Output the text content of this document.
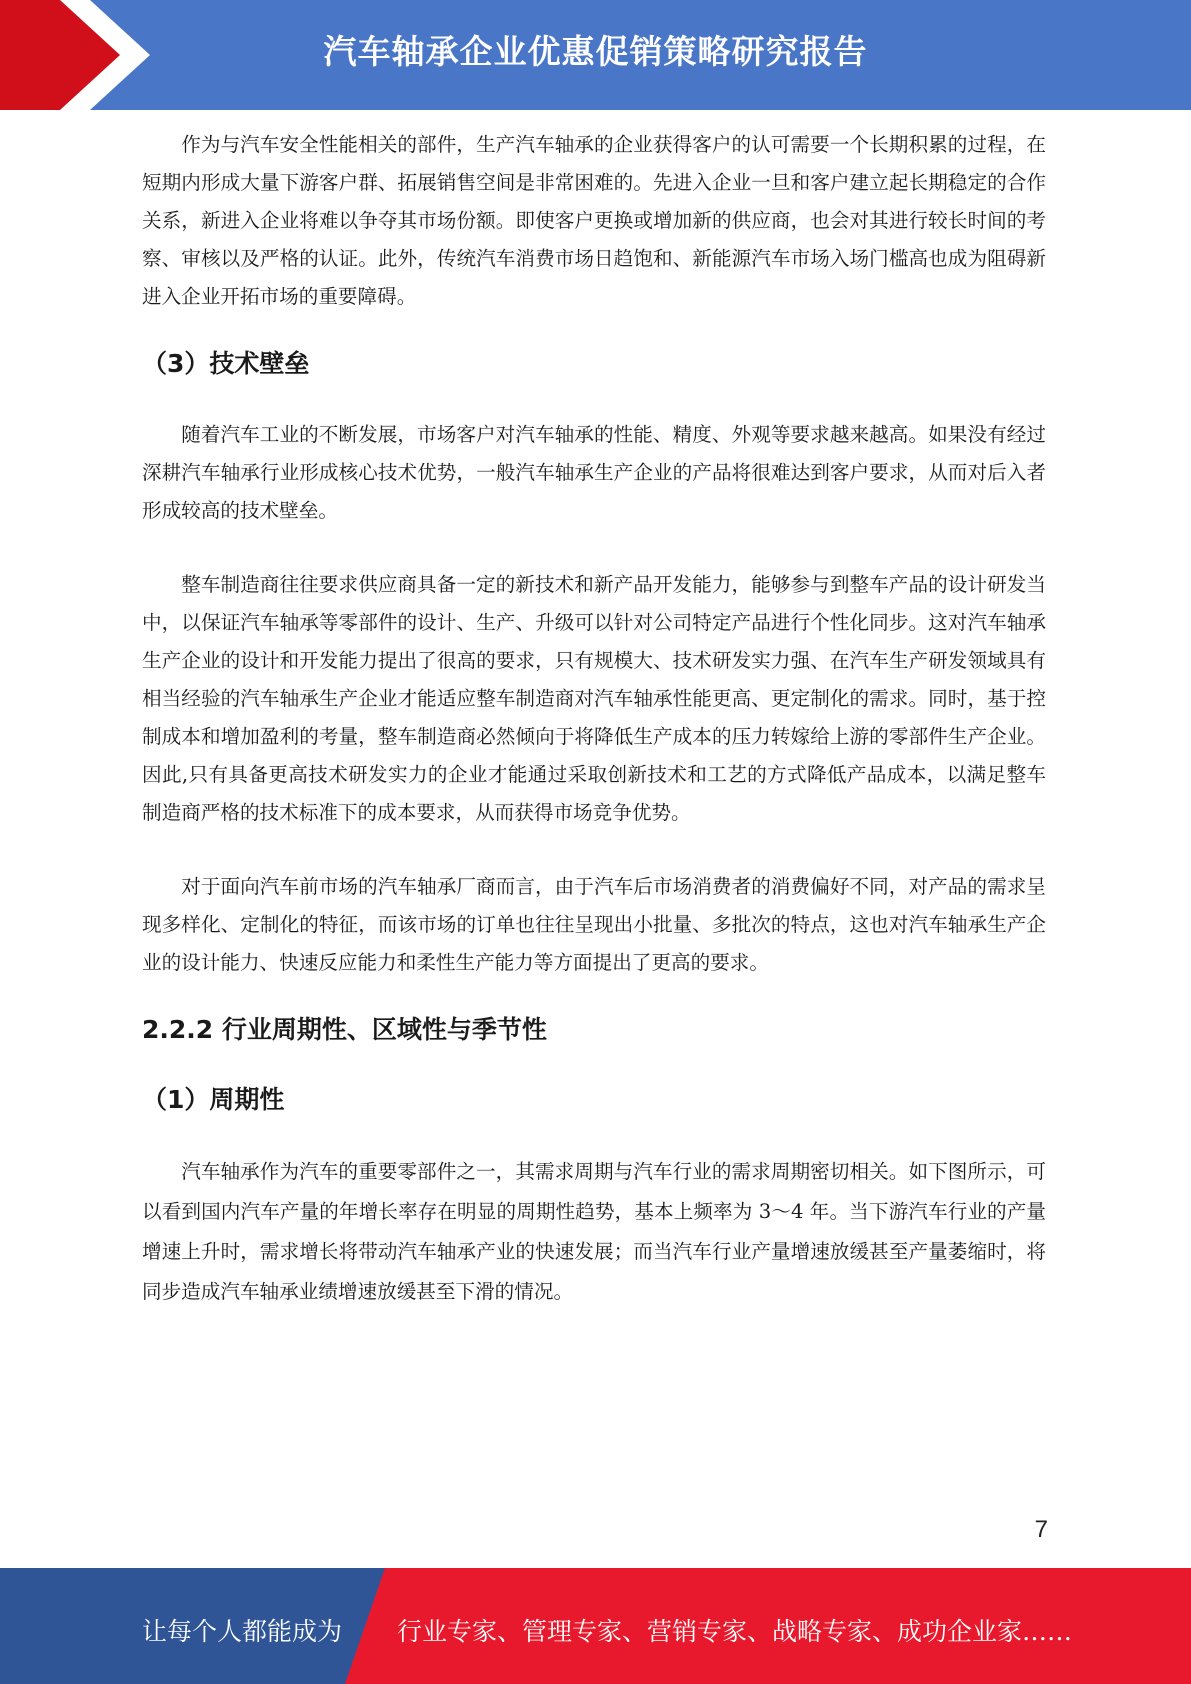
汽车轴承企业优惠促销策略研究报告

作为与汽车安全性能相关的部件，生产汽车轴承的企业获得客户的认可需要一个长期积累的过程，在短期内形成大量下游客户群、拓展销售空间是非常困难的。先进入企业一旦和客户建立起长期稳定的合作关系，新进入企业将难以争夺其市场份额。即使客户更换或增加新的供应商，也会对其进行较长时间的考察、审核以及严格的认证。此外，传统汽车消费市场日趋饱和、新能源汽车市场入场门槛高也成为阻碍新进入企业开拓市场的重要障碍。

（3）技术壁垒

随着汽车工业的不断发展，市场客户对汽车轴承的性能、精度、外观等要求越来越高。如果没有经过深耕汽车轴承行业形成核心技术优势，一般汽车轴承生产企业的产品将很难达到客户要求，从而对后入者形成较高的技术壁垒。

整车制造商往往要求供应商具备一定的新技术和新产品开发能力，能够参与到整车产品的设计研发当中，以保证汽车轴承等零部件的设计、生产、升级可以针对公司特定产品进行个性化同步。这对汽车轴承生产企业的设计和开发能力提出了很高的要求，只有规模大、技术研发实力强、在汽车生产研发领域具有相当经验的汽车轴承生产企业才能适应整车制造商对汽车轴承性能更高、更定制化的需求。同时，基于控制成本和增加盈利的考量，整车制造商必然倾向于将降低生产成本的压力转嫁给上游的零部件生产企业。因此,只有具备更高技术研发实力的企业才能通过采取创新技术和工艺的方式降低产品成本，以满足整车制造商严格的技术标准下的成本要求，从而获得市场竞争优势。

对于面向汽车前市场的汽车轴承厂商而言，由于汽车后市场消费者的消费偏好不同，对产品的需求呈现多样化、定制化的特征，而该市场的订单也往往呈现出小批量、多批次的特点，这也对汽车轴承生产企业的设计能力、快速反应能力和柔性生产能力等方面提出了更高的要求。

2.2.2 行业周期性、区域性与季节性

（1）周期性

汽车轴承作为汽车的重要零部件之一，其需求周期与汽车行业的需求周期密切相关。如下图所示，可以看到国内汽车产量的年增长率存在明显的周期性趋势，基本上频率为 3～4 年。当下游汽车行业的产量增速上升时，需求增长将带动汽车轴承产业的快速发展；而当汽车行业产量增速放缓甚至产量萎缩时，将同步造成汽车轴承业绩增速放缓甚至下滑的情况。

7
让每个人都能成为 行业专家、管理专家、营销专家、战略专家、成功企业家……
